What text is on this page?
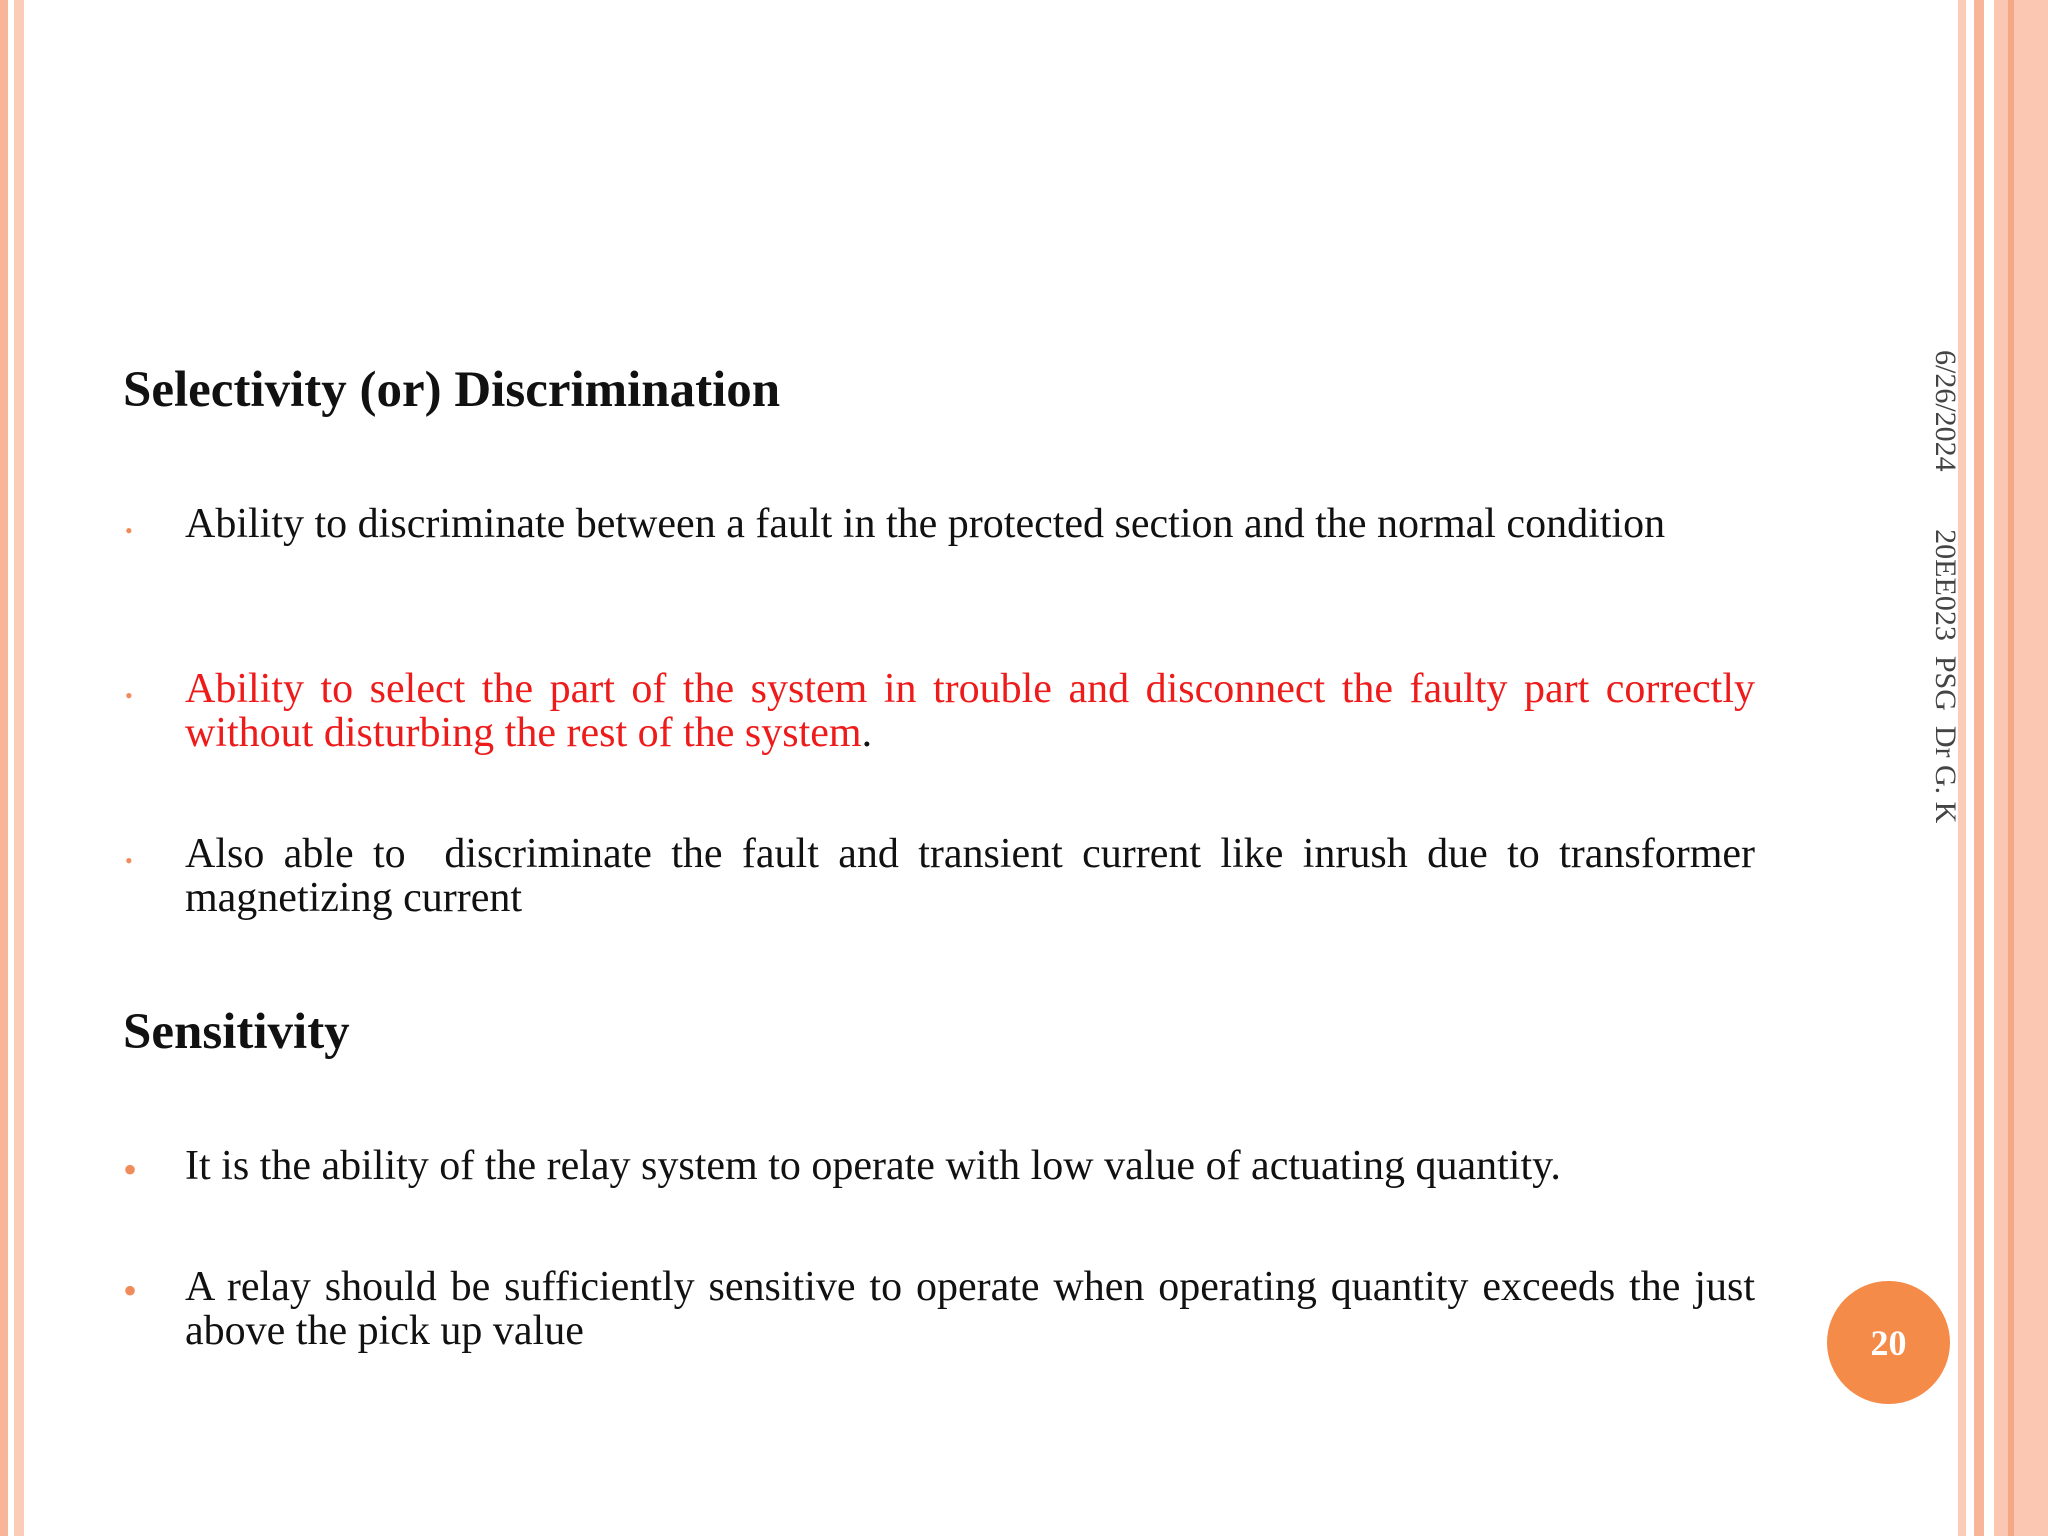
Selectivity (or) Discrimination
• Ability to discriminate between a fault in the protected section and the normal condition
• Ability to select the part of the system in trouble and disconnect the faulty part correctly without disturbing the rest of the system.
• Also able to  discriminate the fault and transient current like inrush due to transformer magnetizing current
Sensitivity
• It is the ability of the relay system to operate with low value of actuating quantity.
• A relay should be sufficiently sensitive to operate when operating quantity exceeds the just above the pick up value
6/26/2024 20EE023  PSG  Dr G. K
20
